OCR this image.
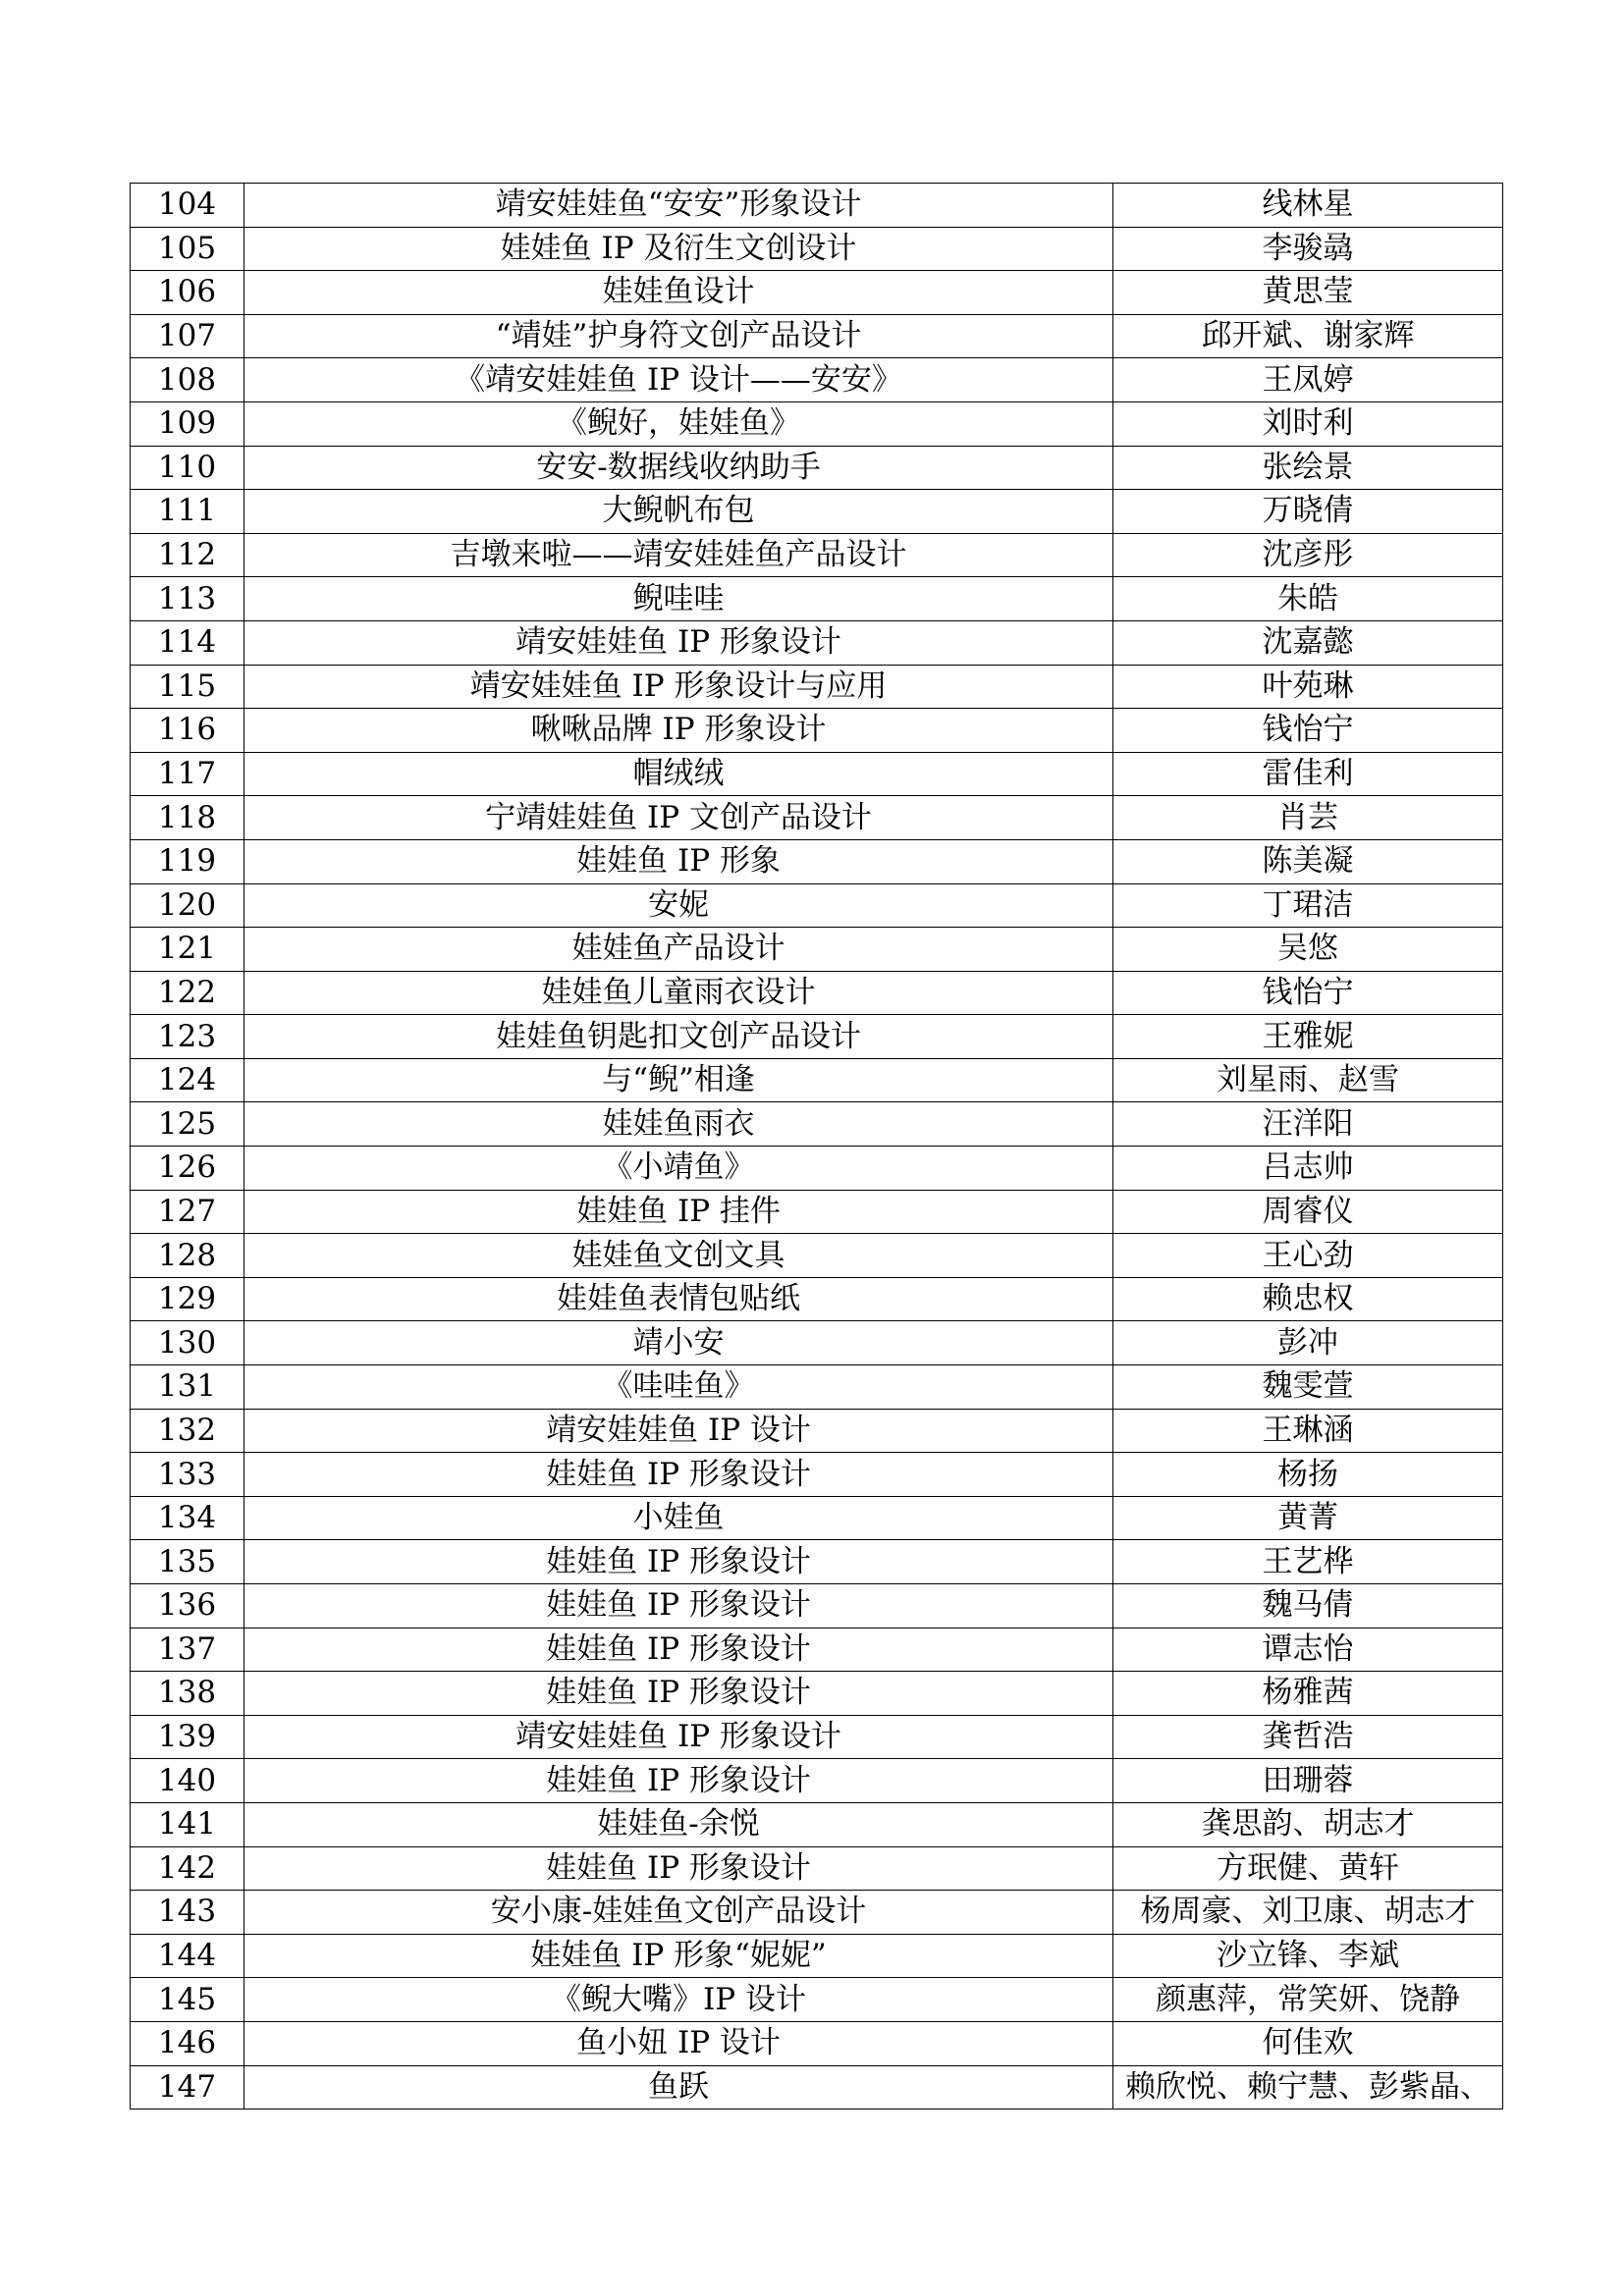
104	靖安娃娃鱼“安安”形象设计	线林星
105	娃娃鱼 IP 及衍生文创设计	李骏骉
106	娃娃鱼设计	黄思莹
107	“靖娃”护身符文创产品设计	邱开斌、谢家辉
108	《靖安娃娃鱼 IP 设计——安安》	王凤婷
109	《鲵好，娃娃鱼》	刘时利
110	安安-数据线收纳助手	张绘景
111	大鲵帆布包	万晓倩
112	吉墩来啦——靖安娃娃鱼产品设计	沈彦彤
113	鲵哇哇	朱皓
114	靖安娃娃鱼 IP 形象设计	沈嘉懿
115	靖安娃娃鱼 IP 形象设计与应用	叶苑琳
116	啾啾品牌 IP 形象设计	钱怡宁
117	帽绒绒	雷佳利
118	宁靖娃娃鱼 IP 文创产品设计	肖芸
119	娃娃鱼 IP 形象	陈美凝
120	安妮	丁珺洁
121	娃娃鱼产品设计	吴悠
122	娃娃鱼儿童雨衣设计	钱怡宁
123	娃娃鱼钥匙扣文创产品设计	王雅妮
124	与“鲵”相逢	刘星雨、赵雪
125	娃娃鱼雨衣	汪洋阳
126	《小靖鱼》	吕志帅
127	娃娃鱼 IP 挂件	周睿仪
128	娃娃鱼文创文具	王心劲
129	娃娃鱼表情包贴纸	赖忠权
130	靖小安	彭冲
131	《哇哇鱼》	魏雯萱
132	靖安娃娃鱼 IP 设计	王琳涵
133	娃娃鱼 IP 形象设计	杨扬
134	小娃鱼	黄菁
135	娃娃鱼 IP 形象设计	王艺桦
136	娃娃鱼 IP 形象设计	魏马倩
137	娃娃鱼 IP 形象设计	谭志怡
138	娃娃鱼 IP 形象设计	杨雅茜
139	靖安娃娃鱼 IP 形象设计	龚哲浩
140	娃娃鱼 IP 形象设计	田珊蓉
141	娃娃鱼-余悦	龚思韵、胡志才
142	娃娃鱼 IP 形象设计	方珉健、黄轩
143	安小康-娃娃鱼文创产品设计	杨周豪、刘卫康、胡志才
144	娃娃鱼 IP 形象“妮妮”	沙立锋、李斌
145	《鲵大嘴》IP 设计	颜惠萍，常笑妍、饶静
146	鱼小妞 IP 设计	何佳欢
147	鱼跃	赖欣悦、赖宁慧、彭紫晶、
